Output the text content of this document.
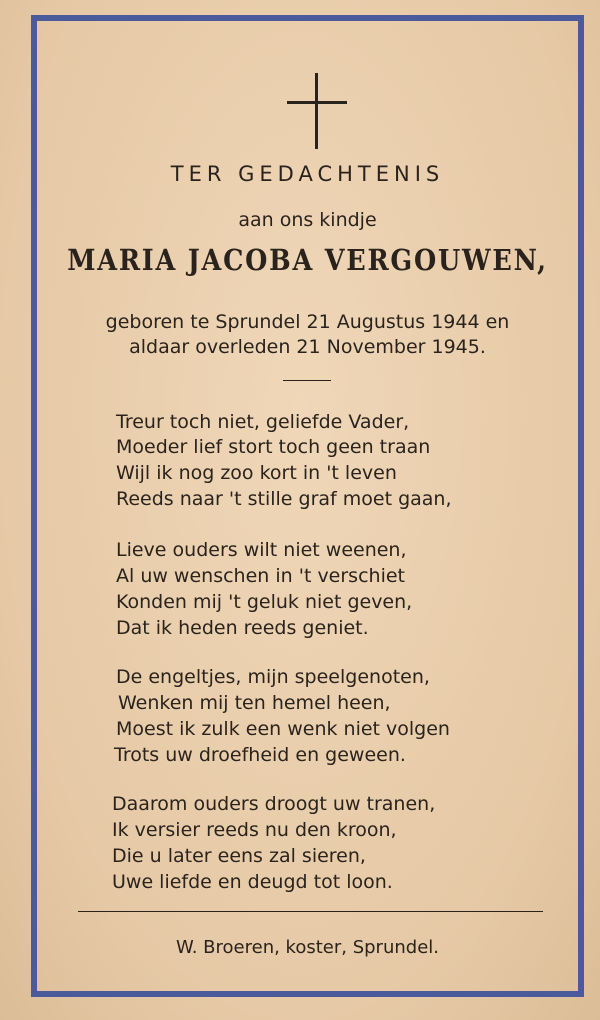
TER GEDACHTENIS
aan ons kindje
MARIA JACOBA VERGOUWEN,
geboren te Sprundel 21 Augustus 1944 en
aldaar overleden 21 November 1945.
Treur toch niet, geliefde Vader,
Moeder lief stort toch geen traan
Wijl ik nog zoo kort in 't leven
Reeds naar 't stille graf moet gaan,
Lieve ouders wilt niet weenen,
Al uw wenschen in 't verschiet
Konden mij 't geluk niet geven,
Dat ik heden reeds geniet.
De engeltjes, mijn speelgenoten,
Wenken mij ten hemel heen,
Moest ik zulk een wenk niet volgen
Trots uw droefheid en geween.
Daarom ouders droogt uw tranen,
Ik versier reeds nu den kroon,
Die u later eens zal sieren,
Uwe liefde en deugd tot loon.
W. Broeren, koster, Sprundel.
